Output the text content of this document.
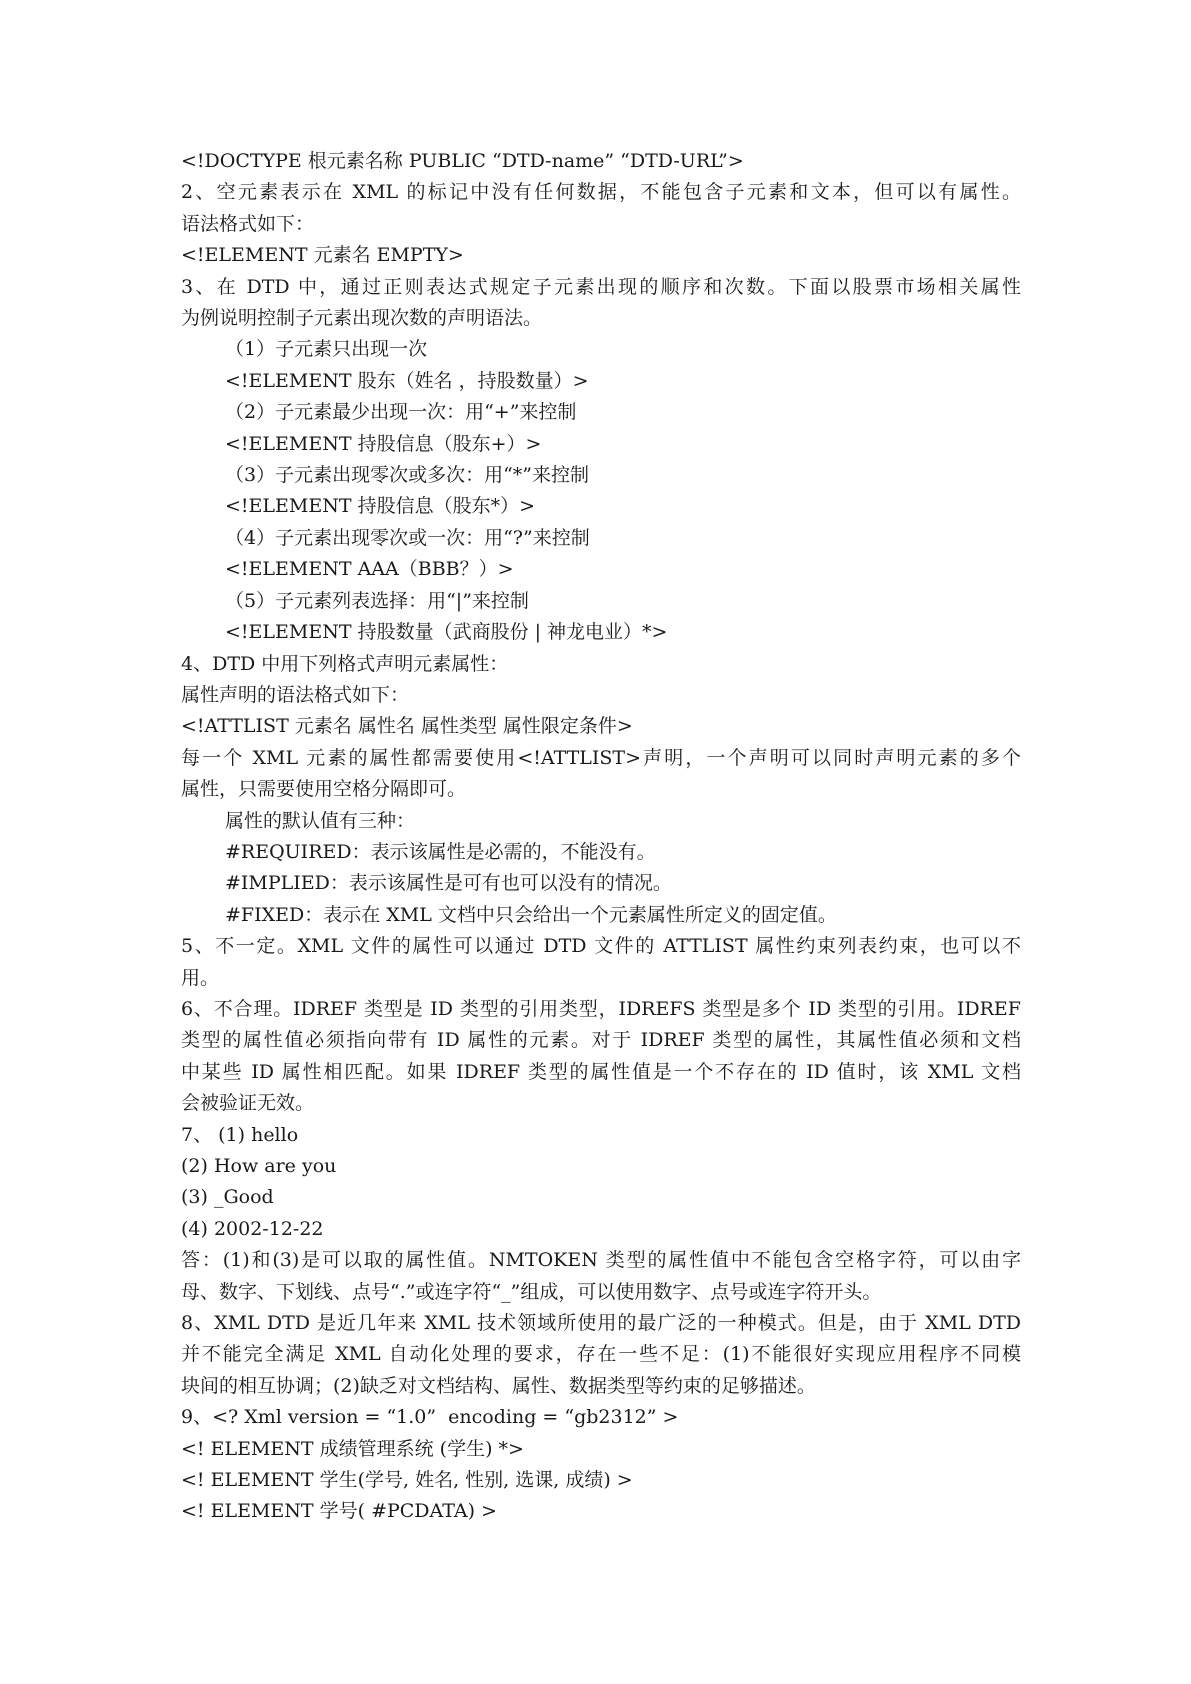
<!DOCTYPE 根元素名称 PUBLIC “DTD-name” “DTD-URL”>

2、空元素表示在 XML 的标记中没有任何数据，不能包含子元素和文本，但可以有属性。

语法格式如下：

<!ELEMENT 元素名 EMPTY>

3、在 DTD 中，通过正则表达式规定子元素出现的顺序和次数。下面以股票市场相关属性

为例说明控制子元素出现次数的声明语法。

（1）子元素只出现一次

<!ELEMENT 股东（姓名 ，持股数量）>

（2）子元素最少出现一次：用“+”来控制

<!ELEMENT 持股信息（股东+）>

（3）子元素出现零次或多次：用“*”来控制

<!ELEMENT 持股信息（股东*）>

（4）子元素出现零次或一次：用“?”来控制

<!ELEMENT AAA（BBB？）>

（5）子元素列表选择：用“|”来控制

<!ELEMENT 持股数量（武商股份 | 神龙电业）*>

4、DTD 中用下列格式声明元素属性：

属性声明的语法格式如下：

<!ATTLIST 元素名 属性名 属性类型 属性限定条件>

每一个 XML 元素的属性都需要使用<!ATTLIST>声明，一个声明可以同时声明元素的多个

属性，只需要使用空格分隔即可。

属性的默认值有三种：

#REQUIRED：表示该属性是必需的，不能没有。

#IMPLIED：表示该属性是可有也可以没有的情况。

#FIXED：表示在 XML 文档中只会给出一个元素属性所定义的固定值。

5、不一定。XML 文件的属性可以通过 DTD 文件的 ATTLIST 属性约束列表约束，也可以不

用。

6、不合理。IDREF 类型是 ID 类型的引用类型，IDREFS 类型是多个 ID 类型的引用。IDREF

类型的属性值必须指向带有 ID 属性的元素。对于 IDREF 类型的属性，其属性值必须和文档

中某些 ID 属性相匹配。如果 IDREF 类型的属性值是一个不存在的 ID 值时，该 XML 文档

会被验证无效。

7、 (1) hello

(2) How are you

(3) _Good

(4) 2002-12-22

答：(1)和(3)是可以取的属性值。NMTOKEN 类型的属性值中不能包含空格字符，可以由字

母、数字、下划线、点号“.”或连字符“_”组成，可以使用数字、点号或连字符开头。

8、XML DTD 是近几年来 XML 技术领域所使用的最广泛的一种模式。但是，由于 XML DTD

并不能完全满足 XML 自动化处理的要求，存在一些不足：(1)不能很好实现应用程序不同模

块间的相互协调；(2)缺乏对文档结构、属性、数据类型等约束的足够描述。

9、<? Xml version = “1.0”  encoding = “gb2312” >

<! ELEMENT 成绩管理系统 (学生) *>

<! ELEMENT 学生(学号, 姓名, 性别, 选课, 成绩) >

<! ELEMENT 学号( #PCDATA) >
